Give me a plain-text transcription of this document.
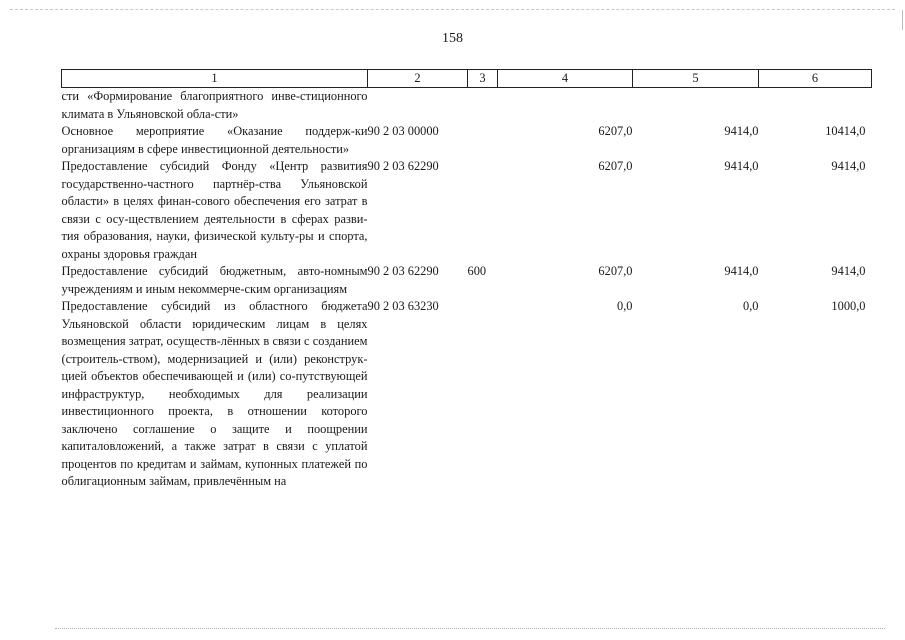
158
1	2	3	4	5	6
сти «Формирование благоприятного инве-стиционного климата в Ульяновской обла-сти»					
Основное мероприятие «Оказание поддерж-ки организациям в сфере инвестиционной деятельности»	90 2 03 00000		6207,0	9414,0	10414,0
Предоставление субсидий Фонду «Центр развития государственно-частного партнёр-ства Ульяновской области» в целях финан-сового обеспечения его затрат в связи с осу-ществлением деятельности в сферах разви-тия образования, науки, физической культу-ры и спорта, охраны здоровья граждан	90 2 03 62290		6207,0	9414,0	9414,0
Предоставление субсидий бюджетным, авто-номным учреждениям и иным некоммерче-ским организациям	90 2 03 62290	600	6207,0	9414,0	9414,0
Предоставление субсидий из областного бюджета Ульяновской области юридическим лицам в целях возмещения затрат, осуществ-лённых в связи с созданием (строитель-ством), модернизацией и (или) реконструк-цией объектов обеспечивающей и (или) со-путствующей инфраструктур, необходимых для реализации инвестиционного проекта, в отношении которого заключено соглашение о защите и поощрении капиталовложений, а также затрат в связи с уплатой процентов по кредитам и займам, купонных платежей по облигационным займам, привлечённым на	90 2 03 63230		0,0	0,0	1000,0
